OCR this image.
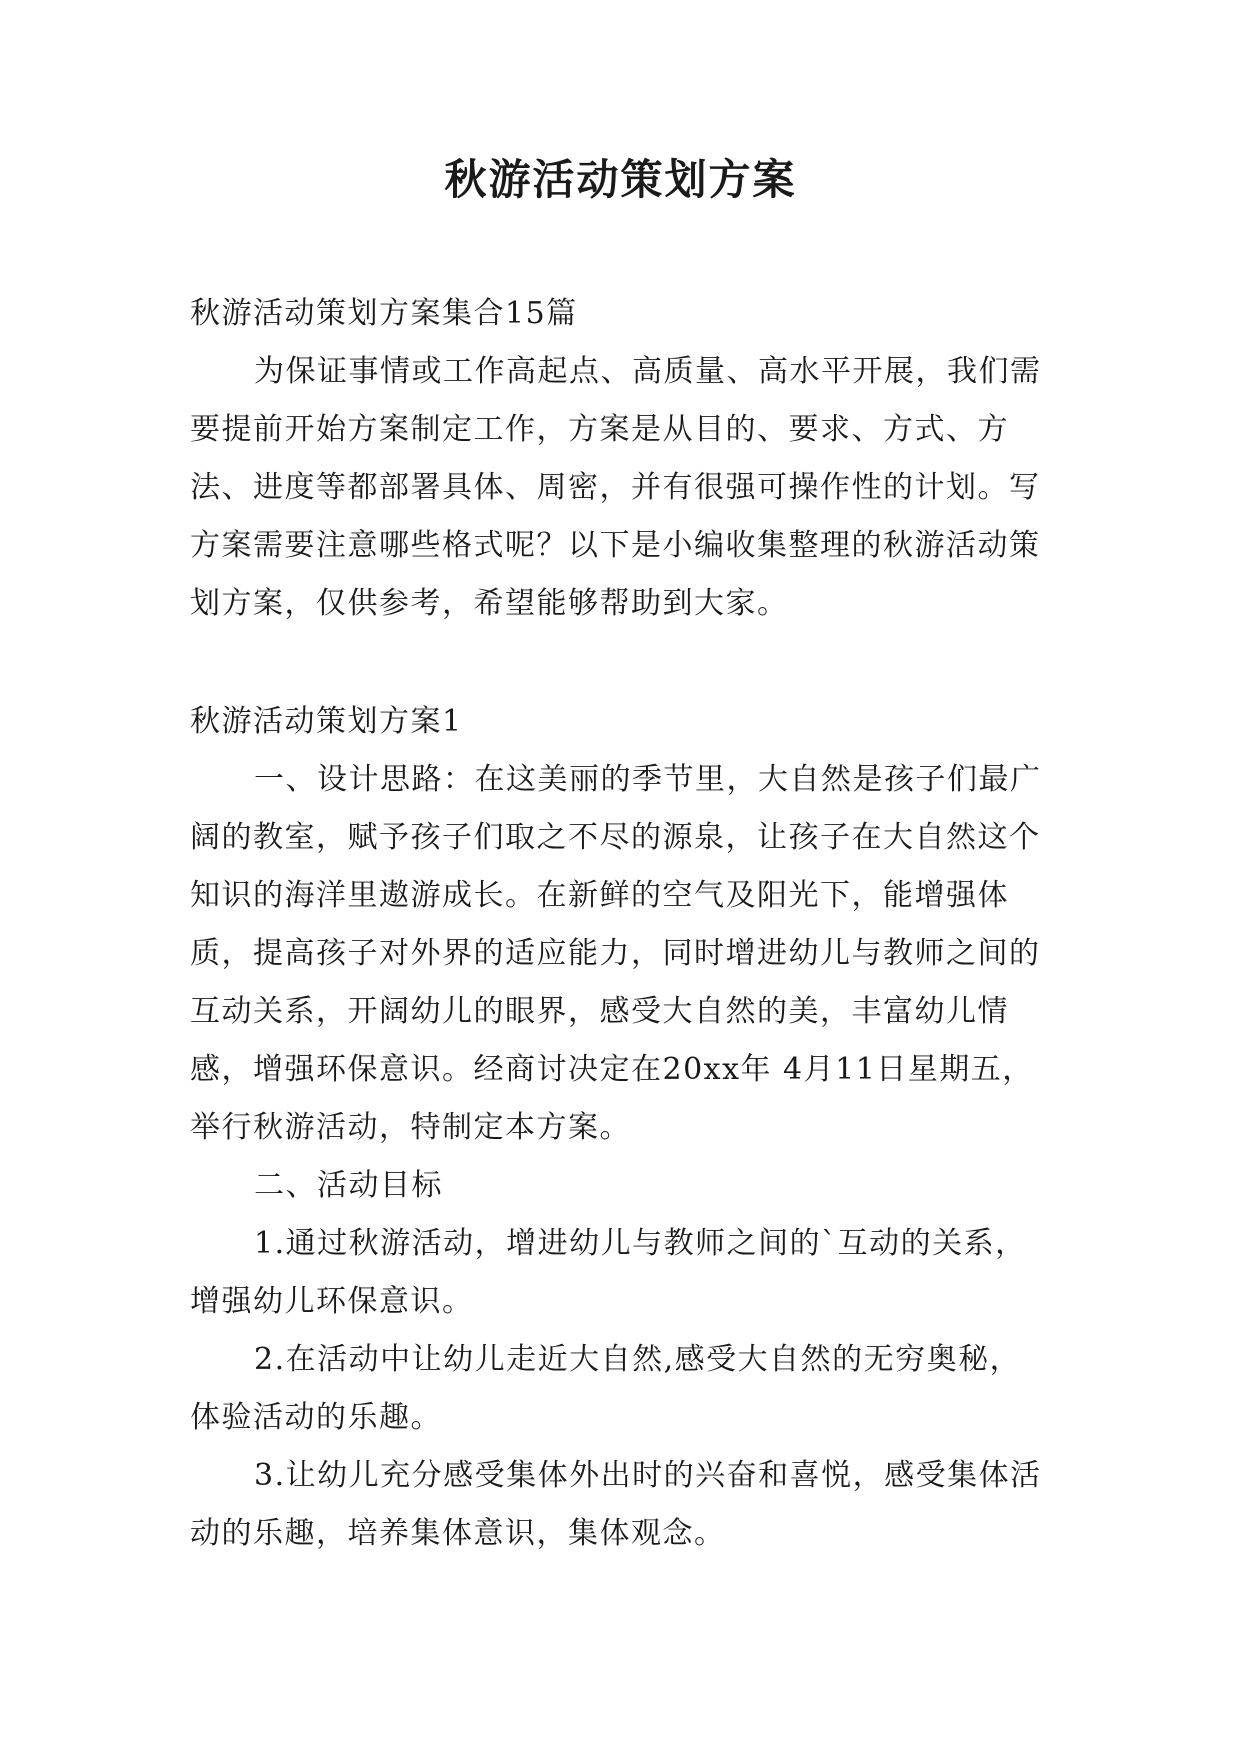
秋游活动策划方案

秋游活动策划方案集合15篇

为保证事情或工作高起点、高质量、高水平开展，我们需要提前开始方案制定工作，方案是从目的、要求、方式、方法、进度等都部署具体、周密，并有很强可操作性的计划。写方案需要注意哪些格式呢？以下是小编收集整理的秋游活动策划方案，仅供参考，希望能够帮助到大家。

秋游活动策划方案1

一、设计思路：在这美丽的季节里，大自然是孩子们最广阔的教室，赋予孩子们取之不尽的源泉，让孩子在大自然这个知识的海洋里遨游成长。在新鲜的空气及阳光下，能增强体质，提高孩子对外界的适应能力，同时增进幼儿与教师之间的互动关系，开阔幼儿的眼界，感受大自然的美，丰富幼儿情感，增强环保意识。经商讨决定在20xx年 4月11日星期五，举行秋游活动，特制定本方案。

二、活动目标

1.通过秋游活动，增进幼儿与教师之间的`互动的关系，增强幼儿环保意识。

2.在活动中让幼儿走近大自然,感受大自然的无穷奥秘，体验活动的乐趣。

3.让幼儿充分感受集体外出时的兴奋和喜悦，感受集体活动的乐趣，培养集体意识，集体观念。
